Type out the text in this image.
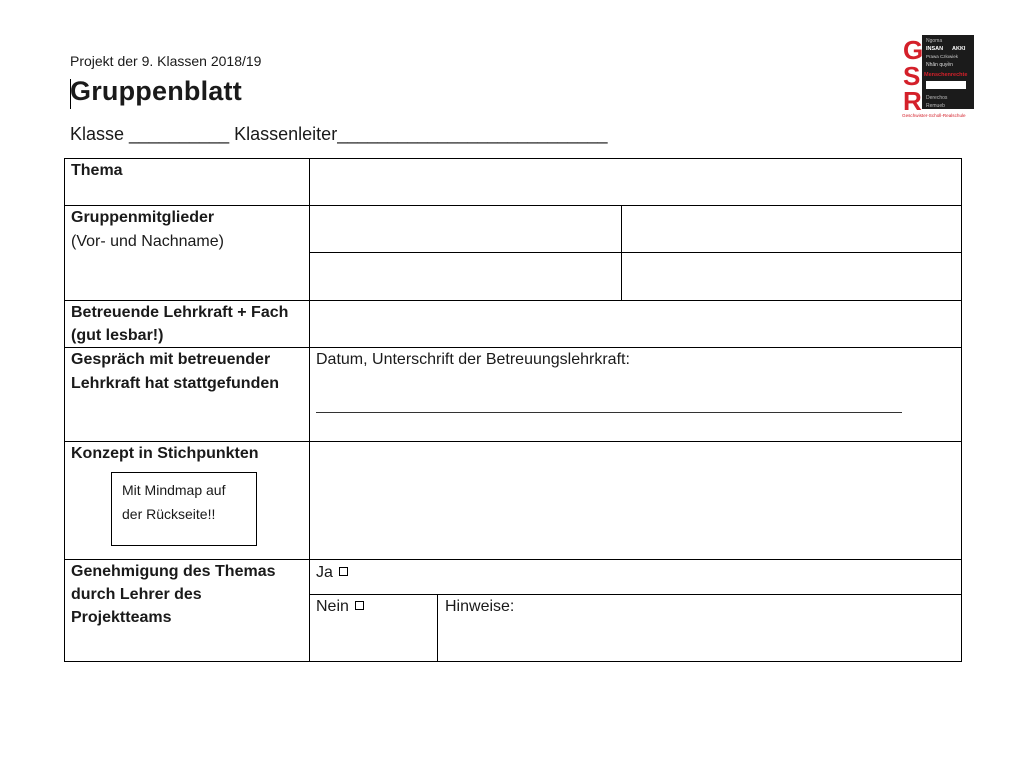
Projekt der 9. Klassen 2018/19
Gruppenblatt
Klasse __________ Klassenleiter___________________________
G
S
R
Ngoma
INSAN AKKI
Prawa Człowiek
Nhân quyền
Menschenrechte
Derechos
Remueb
Geschwister-Scholl-Realschule
Thema
Gruppenmitglieder
(Vor- und Nachname)
Betreuende Lehrkraft + Fach
(gut lesbar!)
Gespräch mit betreuender
Lehrkraft hat stattgefunden
Datum, Unterschrift der Betreuungslehrkraft:
Konzept in Stichpunkten
Mit Mindmap auf
der Rückseite!!
Genehmigung des Themas
durch Lehrer des
Projektteams
Ja
Nein	Hinweise:
